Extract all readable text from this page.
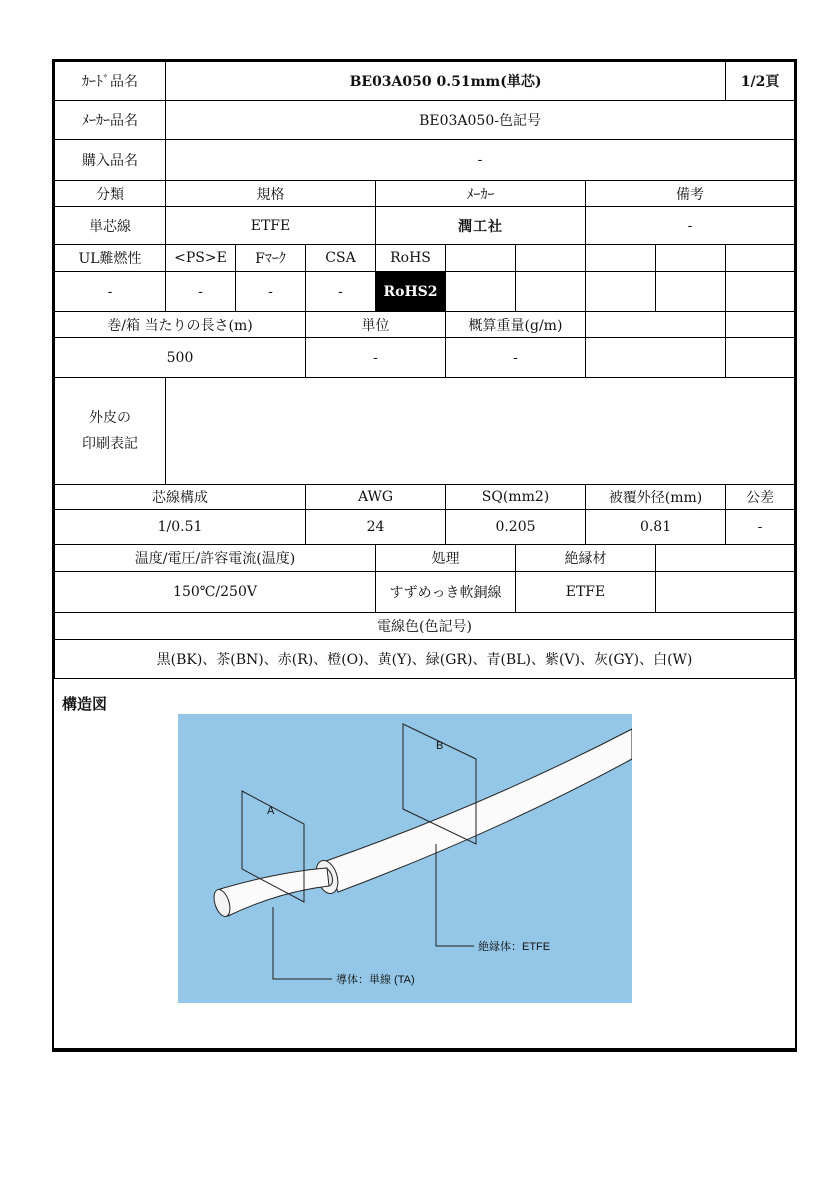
ｶｰﾄﾞ品名	BE03A050 0.51mm(単芯)								1/2頁
ﾒｰｶｰ品名	BE03A050-色記号								
購入品名	-								
分類	規格			ﾒｰｶｰ			備考		
単芯線	ETFE			潤工社			-		
UL難燃性	<PS>E	Fﾏｰｸ	CSA	RoHS					
-	-	-	-	RoHS2					
巻/箱 当たりの長さ(m)			単位		概算重量(g/m)				
500			-		-				

外皮の
印刷表記									

芯線構成			AWG		SQ(mm2)		被覆外径(mm)		公差
1/0.51			24		0.205		0.81		-
温度/電圧/許容電流(温度)				処理		絶縁材			
150℃/250V				すずめっき軟銅線		ETFE			
電線色(色記号)									
黒(BK)、茶(BN)、赤(R)、橙(O)、黄(Y)、緑(GR)、青(BL)、紫(V)、灰(GY)、白(W)									
構造図
A
B
絶縁体：ETFE
導体：単線 (TA)
